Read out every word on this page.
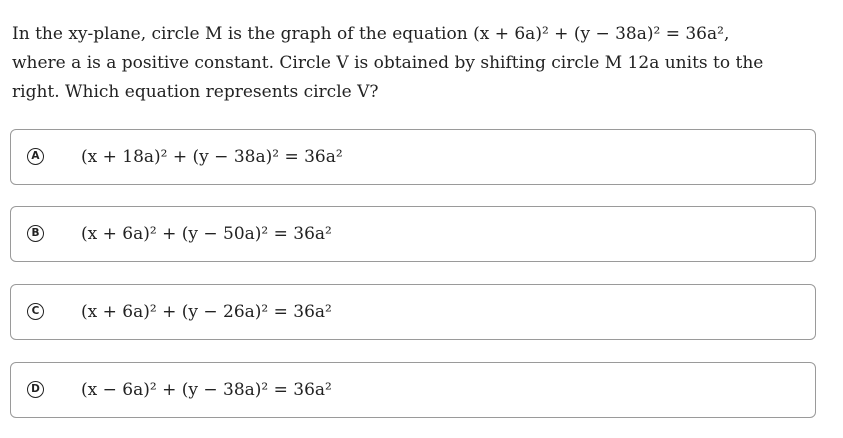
In the xy-plane, circle M is the graph of the equation (x + 6a)² + (y − 38a)² = 36a²,
where a is a positive constant. Circle V is obtained by shifting circle M 12a units to the
right. Which equation represents circle V?
A (x + 18a)² + (y − 38a)² = 36a²
B (x + 6a)² + (y − 50a)² = 36a²
C (x + 6a)² + (y − 26a)² = 36a²
D (x − 6a)² + (y − 38a)² = 36a²
